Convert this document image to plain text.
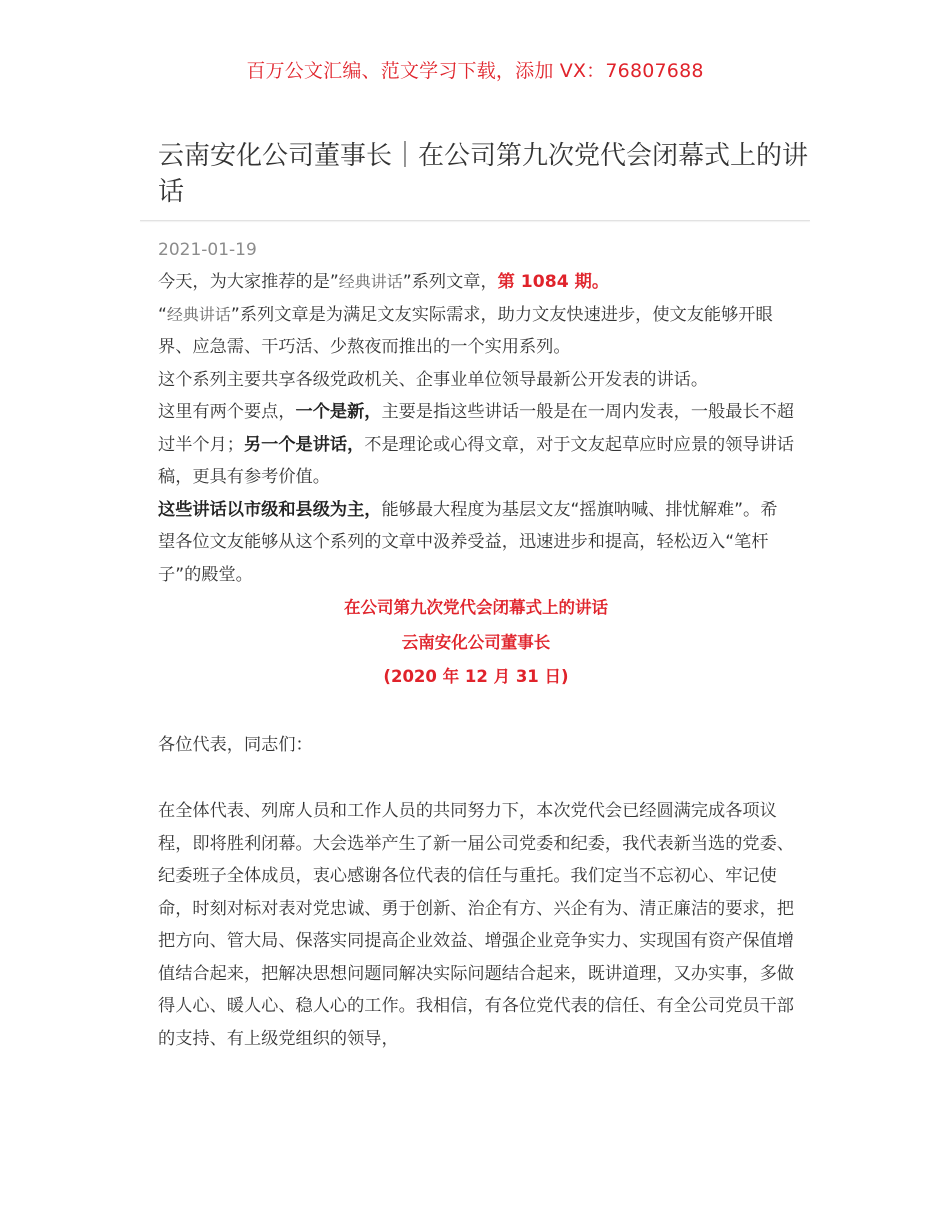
百万公文汇编、范文学习下载，添加 VX：76807688
云南安化公司董事长｜在公司第九次党代会闭幕式上的讲话
2021-01-19

今天，为大家推荐的是”经典讲话”系列文章，第 1084 期。

“经典讲话”系列文章是为满足文友实际需求，助力文友快速进步，使文友能够开眼界、应急需、干巧活、少熬夜而推出的一个实用系列。

这个系列主要共享各级党政机关、企事业单位领导最新公开发表的讲话。

这里有两个要点，一个是新，主要是指这些讲话一般是在一周内发表，一般最长不超过半个月；另一个是讲话，不是理论或心得文章，对于文友起草应时应景的领导讲话稿，更具有参考价值。

这些讲话以市级和县级为主，能够最大程度为基层文友“摇旗呐喊、排忧解难”。希望各位文友能够从这个系列的文章中汲养受益，迅速进步和提高，轻松迈入“笔杆子”的殿堂。

在公司第九次党代会闭幕式上的讲话
云南安化公司董事长
(2020 年 12 月 31 日)

各位代表，同志们：

在全体代表、列席人员和工作人员的共同努力下，本次党代会已经圆满完成各项议程，即将胜利闭幕。大会选举产生了新一届公司党委和纪委，我代表新当选的党委、纪委班子全体成员，衷心感谢各位代表的信任与重托。我们定当不忘初心、牢记使命，时刻对标对表对党忠诚、勇于创新、治企有方、兴企有为、清正廉洁的要求，把把方向、管大局、保落实同提高企业效益、增强企业竞争实力、实现国有资产保值增值结合起来，把解决思想问题同解决实际问题结合起来，既讲道理，又办实事，多做得人心、暖人心、稳人心的工作。我相信，有各位党代表的信任、有全公司党员干部的支持、有上级党组织的领导，
